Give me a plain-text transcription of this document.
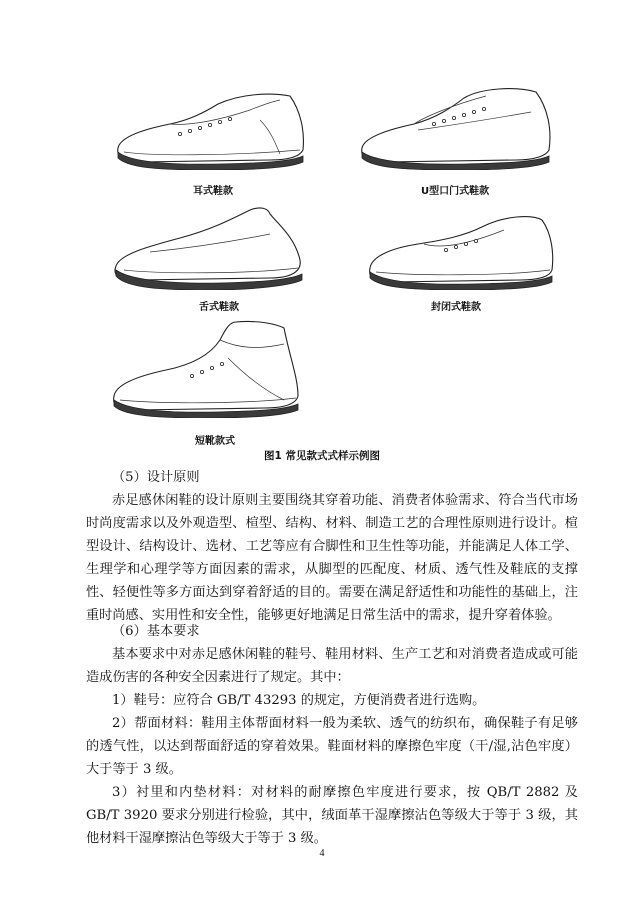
耳式鞋款	U型口门式鞋款
舌式鞋款	封闭式鞋款
短靴款式
图1 常见款式式样示例图

（5）设计原则

赤足感休闲鞋的设计原则主要围绕其穿着功能、消费者体验需求、符合当代市场时尚度需求以及外观造型、楦型、结构、材料、制造工艺的合理性原则进行设计。楦型设计、结构设计、选材、工艺等应有合脚性和卫生性等功能，并能满足人体工学、生理学和心理学等方面因素的需求，从脚型的匹配度、材质、透气性及鞋底的支撑性、轻便性等多方面达到穿着舒适的目的。需要在满足舒适性和功能性的基础上，注重时尚感、实用性和安全性，能够更好地满足日常生活中的需求，提升穿着体验。

（6）基本要求

基本要求中对赤足感休闲鞋的鞋号、鞋用材料、生产工艺和对消费者造成或可能造成伤害的各种安全因素进行了规定。其中：

1）鞋号：应符合 GB/T 43293 的规定，方便消费者进行选购。

2）帮面材料：鞋用主体帮面材料一般为柔软、透气的纺织布，确保鞋子有足够的透气性，以达到帮面舒适的穿着效果。鞋面材料的摩擦色牢度（干/湿,沾色牢度）大于等于 3 级。

3）衬里和内垫材料：对材料的耐摩擦色牢度进行要求，按 QB/T 2882 及 GB/T 3920 要求分别进行检验，其中，绒面革干湿摩擦沾色等级大于等于 3 级，其他材料干湿摩擦沾色等级大于等于 3 级。

4
